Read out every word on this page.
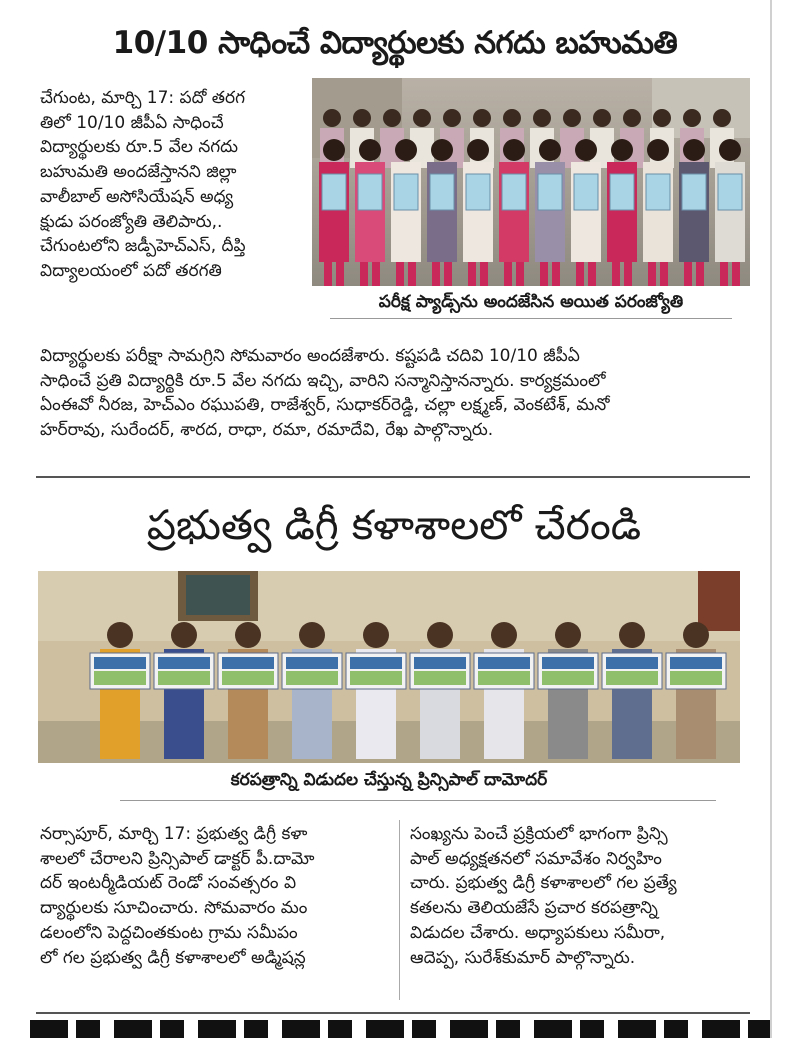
10/10 సాధించే విద్యార్థులకు నగదు బహుమతి
చేగుంట, మార్చి 17: పదో తరగ
తిలో 10/10 జీపీఏ సాధించే
విద్యార్థులకు రూ.5 వేల నగదు
బహుమతి అందజేస్తానని జిల్లా
వాలీబాల్ అసోసియేషన్ అధ్య
క్షుడు పరంజ్యోతి తెలిపారు,.
చేగుంటలోని జడ్పీహెచ్ఎస్, దీప్తి
విద్యాలయంలో పదో తరగతి
పరీక్ష ప్యాడ్స్‌ను అందజేసిన అయిత పరంజ్యోతి
విద్యార్థులకు పరీక్షా సామగ్రిని సోమవారం అందజేశారు. కష్టపడి చదివి 10/10 జీపీఏ
సాధించే ప్రతి విద్యార్థికి రూ.5 వేల నగదు ఇచ్చి, వారిని సన్మానిస్తానన్నారు. కార్యక్రమంలో
ఏంఈవో నీరజ, హెచ్ఎం రఘుపతి, రాజేశ్వర్, సుధాకర్‌రెడ్డి, చల్లా లక్ష్మణ్, వెంకటేశ్, మనో
హర్‌రావు, సురేందర్, శారద, రాధా, రమా, రమాదేవి, రేఖ పాల్గొన్నారు.
ప్రభుత్వ డిగ్రీ కళాశాలలో చేరండి
కరపత్రాన్ని విడుదల చేస్తున్న ప్రిన్సిపాల్ దామోదర్
నర్సాపూర్, మార్చి 17: ప్రభుత్వ డిగ్రీ కళా
శాలలో చేరాలని ప్రిన్సిపాల్ డాక్టర్ పీ.దామో
దర్ ఇంటర్మీడియట్ రెండో సంవత్సరం వి
ద్యార్థులకు సూచించారు. సోమవారం మం
డలంలోని పెద్దచింతకుంట గ్రామ సమీపం
లో గల ప్రభుత్వ డిగ్రీ కళాశాలలో అడ్మిషన్ల
సంఖ్యను పెంచే ప్రక్రియలో భాగంగా ప్రిన్సి
పాల్ అధ్యక్షతనలో సమావేశం నిర్వహిం
చారు. ప్రభుత్వ డిగ్రీ కళాశాలలో గల ప్రత్యే
కతలను తెలియజేసే ప్రచార కరపత్రాన్ని
విడుదల చేశారు. అధ్యాపకులు సమీరా,
ఆదెప్ప, సురేశ్‌కుమార్ పాల్గొన్నారు.
